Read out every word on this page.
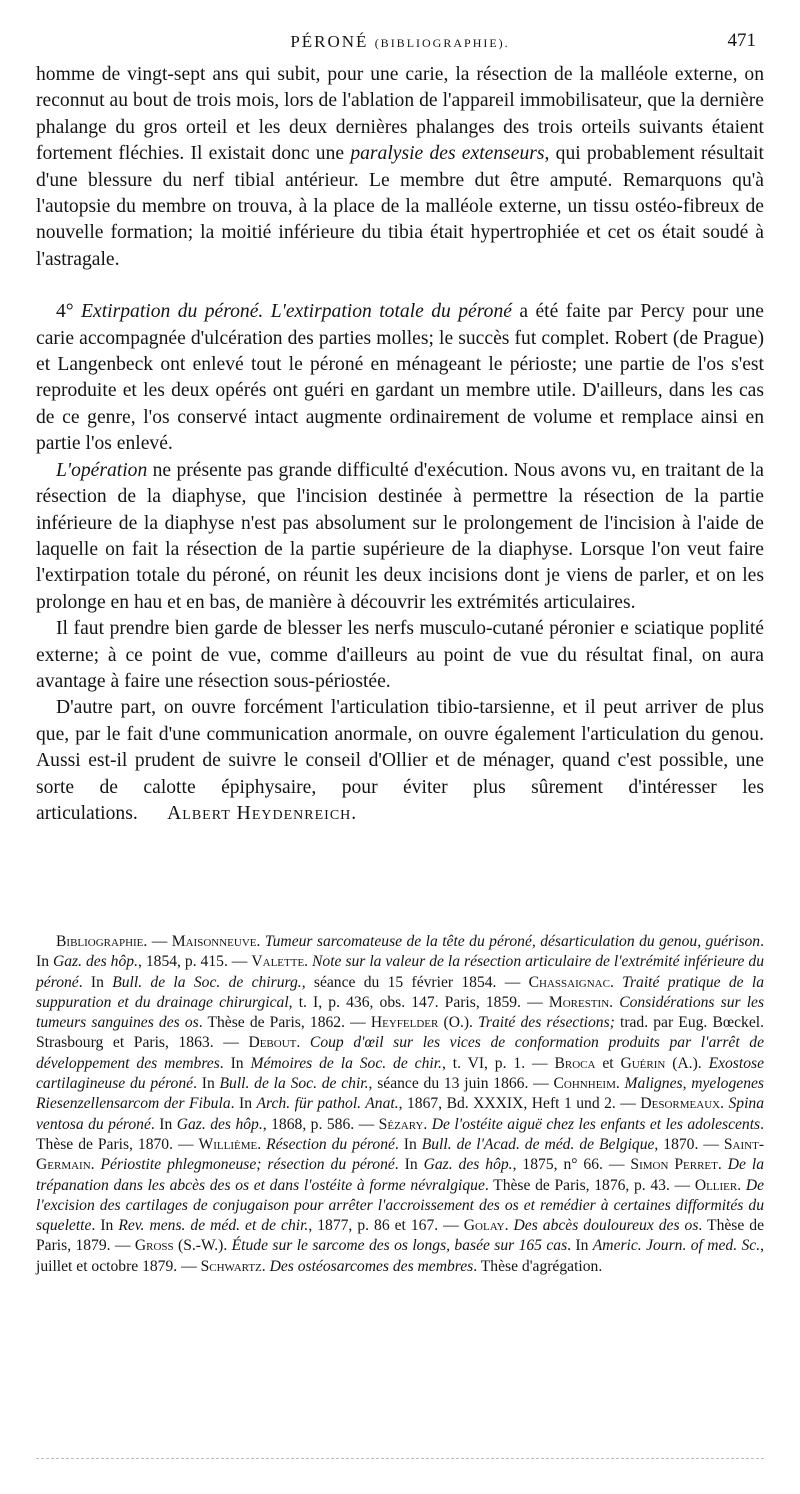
PÉRONÉ (BIBLIOGRAPHIE).	471

homme de vingt-sept ans qui subit, pour une carie, la résection de la malléole externe, on reconnut au bout de trois mois, lors de l'ablation de l'appareil immobilisateur, que la dernière phalange du gros orteil et les deux dernières phalanges des trois orteils suivants étaient fortement fléchies. Il existait donc une paralysie des extenseurs, qui probablement résultait d'une blessure du nerf tibial antérieur. Le membre dut être amputé. Remarquons qu'à l'autopsie du membre on trouva, à la place de la malléole externe, un tissu ostéo-fibreux de nouvelle formation; la moitié inférieure du tibia était hypertrophiée et cet os était soudé à l'astragale.

4° Extirpation du péroné. L'extirpation totale du péroné a été faite par Percy pour une carie accompagnée d'ulcération des parties molles; le succès fut complet. Robert (de Prague) et Langenbeck ont enlevé tout le péroné en ménageant le périoste; une partie de l'os s'est reproduite et les deux opérés ont guéri en gardant un membre utile. D'ailleurs, dans les cas de ce genre, l'os conservé intact augmente ordinairement de volume et remplace ainsi en partie l'os enlevé.

L'opération ne présente pas grande difficulté d'exécution. Nous avons vu, en traitant de la résection de la diaphyse, que l'incision destinée à permettre la résection de la partie inférieure de la diaphyse n'est pas absolument sur le prolongement de l'incision à l'aide de laquelle on fait la résection de la partie supérieure de la diaphyse. Lorsque l'on veut faire l'extirpation totale du péroné, on réunit les deux incisions dont je viens de parler, et on les prolonge en hau et en bas, de manière à découvrir les extrémités articulaires.

Il faut prendre bien garde de blesser les nerfs musculo-cutané péronier e sciatique poplité externe; à ce point de vue, comme d'ailleurs au point de vue du résultat final, on aura avantage à faire une résection sous-périostée.

D'autre part, on ouvre forcément l'articulation tibio-tarsienne, et il peut arriver de plus que, par le fait d'une communication anormale, on ouvre également l'articulation du genou. Aussi est-il prudent de suivre le conseil d'Ollier et de ménager, quand c'est possible, une sorte de calotte épiphysaire, pour éviter plus sûrement d'intéresser les articulations. Albert Heydenreich.

Bibliographie. — Maisonneuve. Tumeur sarcomateuse de la tête du péroné, désarticulation du genou, guérison. In Gaz. des hôp., 1854, p. 415. — Valette. Note sur la valeur de la résection articulaire de l'extrémité inférieure du péroné. In Bull. de la Soc. de chirurg., séance du 15 février 1854. — Chassaignac. Traité pratique de la suppuration et du drainage chirurgical, t. I, p. 436, obs. 147. Paris, 1859. — Morestin. Considérations sur les tumeurs sanguines des os. Thèse de Paris, 1862. — Heyfelder (O.). Traité des résections; trad. par Eug. Bœckel. Strasbourg et Paris, 1863. — Debout. Coup d'œil sur les vices de conformation produits par l'arrêt de développement des membres. In Mémoires de la Soc. de chir., t. VI, p. 1. — Broca et Guérin (A.). Exostose cartilagineuse du péroné. In Bull. de la Soc. de chir., séance du 13 juin 1866. — Cohnheim. Malignes, myelogenes Riesenzellensarcom der Fibula. In Arch. für pathol. Anat., 1867, Bd. XXXIX, Heft 1 und 2. — Desormeaux. Spina ventosa du péroné. In Gaz. des hôp., 1868, p. 586. — Sézary. De l'ostéite aiguë chez les enfants et les adolescents. Thèse de Paris, 1870. — Willième. Résection du péroné. In Bull. de l'Acad. de méd. de Belgique, 1870. — Saint-Germain. Périostite phlegmoneuse; résection du péroné. In Gaz. des hôp., 1875, n° 66. — Simon Perret. De la trépanation dans les abcès des os et dans l'ostéite à forme névralgique. Thèse de Paris, 1876, p. 43. — Ollier. De l'excision des cartilages de conjugaison pour arrêter l'accroissement des os et remédier à certaines difformités du squelette. In Rev. mens. de méd. et de chir., 1877, p. 86 et 167. — Golay. Des abcès douloureux des os. Thèse de Paris, 1879. — Gross (S.-W.). Étude sur le sarcome des os longs, basée sur 165 cas. In Americ. Journ. of med. Sc., juillet et octobre 1879. — Schwartz. Des ostéosarcomes des membres. Thèse d'agrégation.
